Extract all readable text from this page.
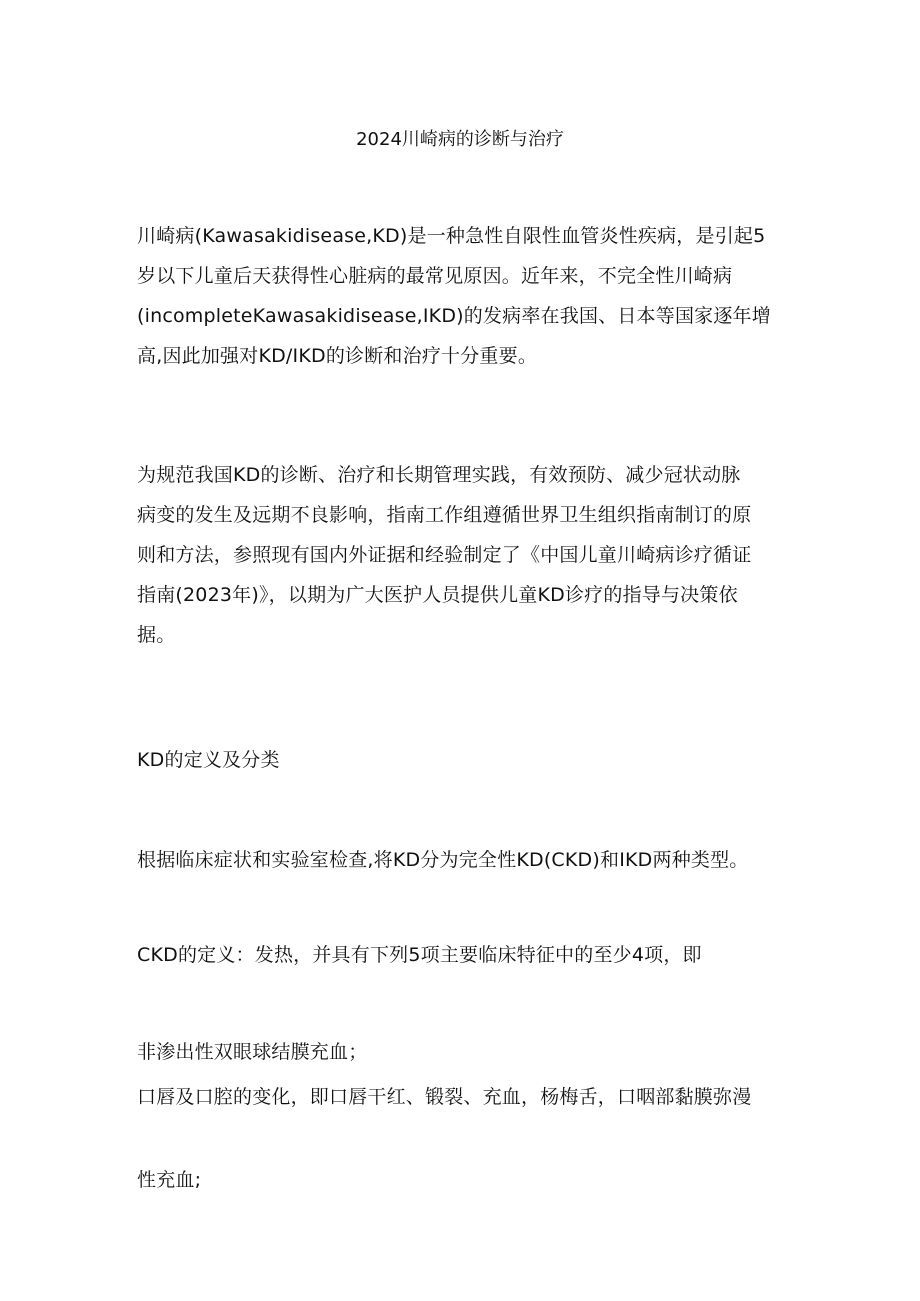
2024川崎病的诊断与治疗
川崎病(Kawasakidisease,KD)是一种急性自限性血管炎性疾病，是引起5
岁以下儿童后天获得性心脏病的最常见原因。近年来，不完全性川崎病
(incompleteKawasakidisease,IKD)的发病率在我国、日本等国家逐年增
高,因此加强对KD/IKD的诊断和治疗十分重要。
为规范我国KD的诊断、治疗和长期管理实践，有效预防、减少冠状动脉
病变的发生及远期不良影响，指南工作组遵循世界卫生组织指南制订的原
则和方法，参照现有国内外证据和经验制定了《中国儿童川崎病诊疗循证
指南(2023年)》，以期为广大医护人员提供儿童KD诊疗的指导与决策依
据。
KD的定义及分类
根据临床症状和实验室检查,将KD分为完全性KD(CKD)和IKD两种类型。
CKD的定义：发热，并具有下列5项主要临床特征中的至少4项，即
非渗出性双眼球结膜充血；
口唇及口腔的变化，即口唇干红、锻裂、充血，杨梅舌，口咽部黏膜弥漫
性充血;
